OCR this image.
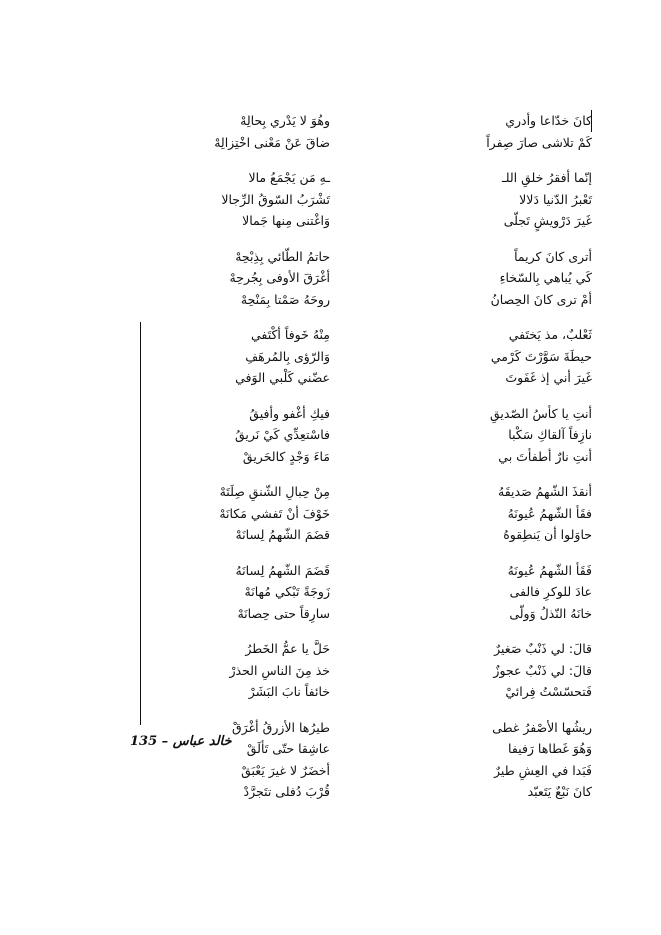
كانَ خدّاعا وأدري
كَمْ تلاشى صارَ صِفراً
إنّما أفقرُ خلقِ اللـ
تَعْبرُ الدّنيا دَلالا
غَيرَ دَرْويشٍ تَجلّى
أترى كانَ كريماً
كَي يُباهي بِالسّخاءِ
أمْ ترى كانَ الحِصانُ
ثَعْلبٌ، مذ يَختَفي
حيطَةَ سَوَّرْتَ كَرْمي
غَيرَ أني إذ غَفَوتَ
أنتِ يا كأسُ الصّديقِ
نازِفاً آلقاكِ سَكْبا
أنتِ نارٌ أطفأتَ بي
أنقذَ الشّهمُ صَديقَهُ
فقَأ الشّهمُ عُيونَهُ
حاوَلوا أن يَنطِقوهُ
فَقَأ الشّهمُ عُيونَهُ
عادَ للوكرِ فالفى
خانَهُ النّذلُ وَولّى
قالَ: لي ذَنْبٌ صَغيرٌ
قالَ: لي ذَنْبٌ عجوزٌ
فَتحسّسْتُ فِرائيْ
ريشُها الأصْفرُ غطى
وَهُوَ غَطاها رَفيفا
فَبَدا في العِشِ طيرٌ
كانَ نَبْعٌ يَتَعبّد
وهُوَ لا يَدْري بِحالِهْ
ضاقَ عَنْ مَعْنى اخْتِزالِهْ
ـهِ مَن يَجْمَعُ مالا
تَشْرَبُ السّوقُ الرِّجالا
وَاغْتنى مِنها جَمالا
حاتمُ الطّائي بِذِبْحِهْ
أغْرَقَ الأوفى بِجُرحِهْ
روحَهُ صَمْتا بِمَنْحِهْ
مِنْهُ خَوفاً أكْتَفي
وَالرّؤى بِالمُرهَفِ
عضّني كَلْبي الوَفي
فيكِ أغْفو وأفيقُ
فاسْتعِدِّي كَيْ نَريقُ
مَاءَ وَجْدٍ كالحَريقْ
مِنْ حِبالِ الشّنقِ صِلَتَهْ
خَوْفَ أنْ تَفشي مَكانَهْ
قضَمَ الشّهمُ لِسانَهْ
قَضَمَ الشّهمُ لِسانَهُ
زَوجَةً تَبْكي مُهانَهْ
سارِقاً حتى حِصانَهْ
حَلَّ يا عمُّ الخَطرُ
خذ مِنَ الناسِ الحذرْ
خائفاً نابَ البَشَرْ
طيرُها الأزرقُ أغْرَقْ
عاشِقا حتّى تَألَقْ
أخضَرٌ لا غيرَ يَعْبَقْ
قُرْبَ دُفلى تتَجرَّدْ
ﺧﺎﻟﺪ ﻋﺒﺎﺱ – 135
